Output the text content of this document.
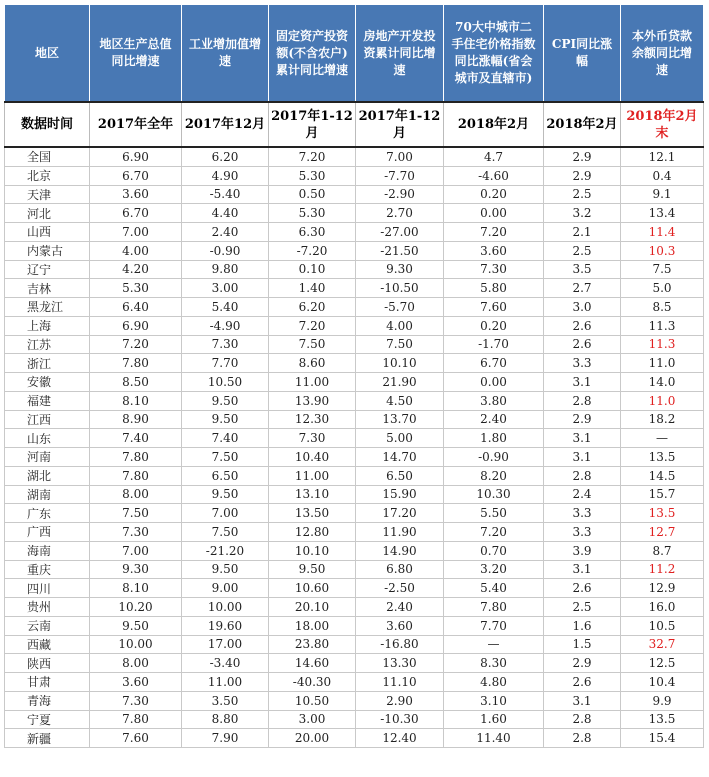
地区	地区生产总值同比增速	工业增加值增速	固定资产投资额(不含农户)累计同比增速	房地产开发投资累计同比增速	70大中城市二手住宅价格指数同比涨幅(省会城市及直辖市)	CPI同比涨幅	本外币贷款余额同比增速
数据时间	2017年全年	2017年12月	2017年1-12月	2017年1-12月	2018年2月	2018年2月	2018年2月末
全国	6.90	6.20	7.20	7.00	4.7	2.9	12.1
北京	6.70	4.90	5.30	-7.70	-4.60	2.9	0.4
天津	3.60	-5.40	0.50	-2.90	0.20	2.5	9.1
河北	6.70	4.40	5.30	2.70	0.00	3.2	13.4
山西	7.00	2.40	6.30	-27.00	7.20	2.1	11.4
内蒙古	4.00	-0.90	-7.20	-21.50	3.60	2.5	10.3
辽宁	4.20	9.80	0.10	9.30	7.30	3.5	7.5
吉林	5.30	3.00	1.40	-10.50	5.80	2.7	5.0
黑龙江	6.40	5.40	6.20	-5.70	7.60	3.0	8.5
上海	6.90	-4.90	7.20	4.00	0.20	2.6	11.3
江苏	7.20	7.30	7.50	7.50	-1.70	2.6	11.3
浙江	7.80	7.70	8.60	10.10	6.70	3.3	11.0
安徽	8.50	10.50	11.00	21.90	0.00	3.1	14.0
福建	8.10	9.50	13.90	4.50	3.80	2.8	11.0
江西	8.90	9.50	12.30	13.70	2.40	2.9	18.2
山东	7.40	7.40	7.30	5.00	1.80	3.1	—
河南	7.80	7.50	10.40	14.70	-0.90	3.1	13.5
湖北	7.80	6.50	11.00	6.50	8.20	2.8	14.5
湖南	8.00	9.50	13.10	15.90	10.30	2.4	15.7
广东	7.50	7.00	13.50	17.20	5.50	3.3	13.5
广西	7.30	7.50	12.80	11.90	7.20	3.3	12.7
海南	7.00	-21.20	10.10	14.90	0.70	3.9	8.7
重庆	9.30	9.50	9.50	6.80	3.20	3.1	11.2
四川	8.10	9.00	10.60	-2.50	5.40	2.6	12.9
贵州	10.20	10.00	20.10	2.40	7.80	2.5	16.0
云南	9.50	19.60	18.00	3.60	7.70	1.6	10.5
西藏	10.00	17.00	23.80	-16.80	—	1.5	32.7
陕西	8.00	-3.40	14.60	13.30	8.30	2.9	12.5
甘肃	3.60	11.00	-40.30	11.10	4.80	2.6	10.4
青海	7.30	3.50	10.50	2.90	3.10	3.1	9.9
宁夏	7.80	8.80	3.00	-10.30	1.60	2.8	13.5
新疆	7.60	7.90	20.00	12.40	11.40	2.8	15.4
